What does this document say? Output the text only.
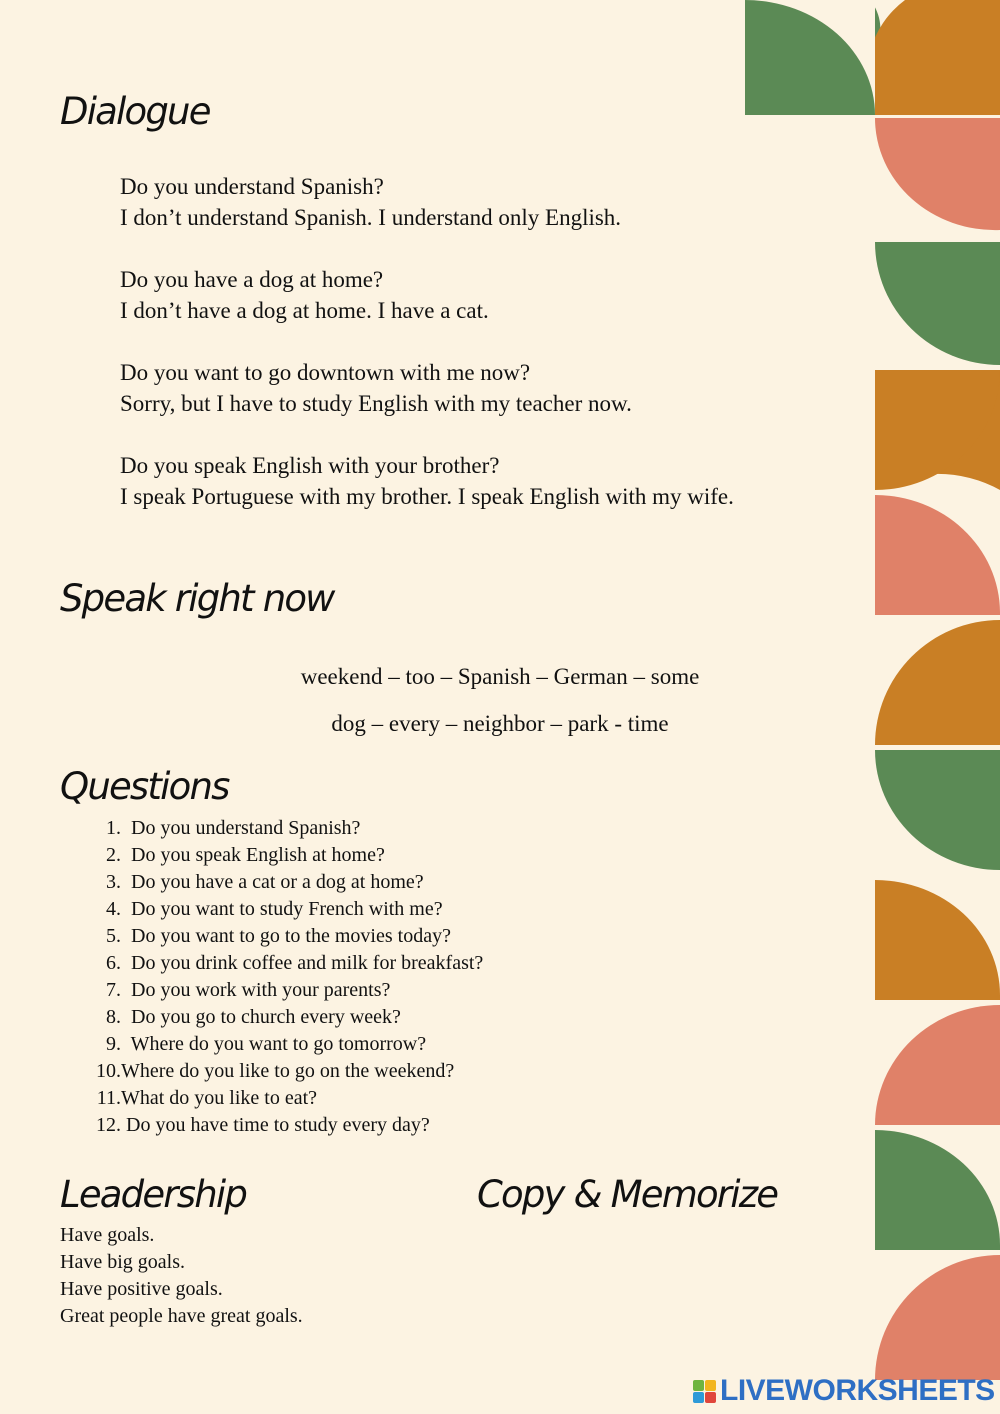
Dialogue
Do you understand Spanish?
I don’t understand Spanish. I understand only English.
Do you have a dog at home?
I don’t have a dog at home. I have a cat.
Do you want to go downtown with me now?
Sorry, but I have to study English with my teacher now.
Do you speak English with your brother?
I speak Portuguese with my brother. I speak English with my wife.
Speak right now
weekend – too – Spanish – German – some
dog – every – neighbor – park - time
Questions
1. Do you understand Spanish?
2. Do you speak English at home?
3. Do you have a cat or a dog at home?
4. Do you want to study French with me?
5. Do you want to go to the movies today?
6. Do you drink coffee and milk for breakfast?
7. Do you work with your parents?
8. Do you go to church every week?
9. Where do you want to go tomorrow?
10.Where do you like to go on the weekend?
11.What do you like to eat?
12. Do you have time to study every day?
Leadership	Copy & Memorize
Have goals.
Have big goals.
Have positive goals.
Great people have great goals.
LIVEWORKSHEETS
